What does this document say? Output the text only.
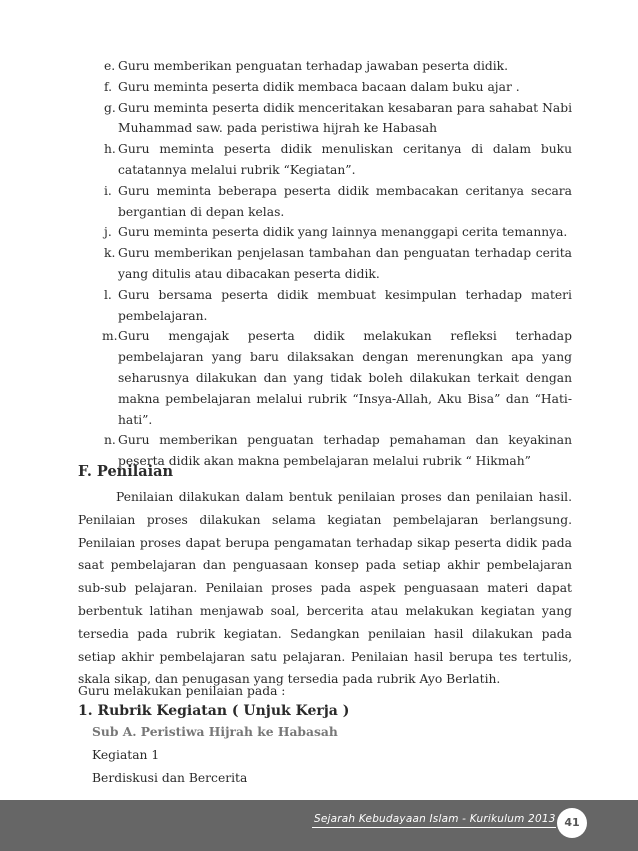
e. Guru memberikan penguatan terhadap jawaban peserta didik.
f. Guru meminta peserta didik membaca bacaan dalam buku ajar .
g. Guru meminta peserta didik menceritakan kesabaran para sahabat Nabi Muhammad saw. pada peristiwa hijrah ke Habasah
h. Guru meminta peserta didik menuliskan ceritanya di dalam buku catatannya melalui rubrik “Kegiatan”.
i. Guru meminta beberapa peserta didik membacakan ceritanya secara bergantian di depan kelas.
j. Guru meminta peserta didik yang lainnya menanggapi cerita temannya.
k. Guru memberikan penjelasan tambahan dan penguatan terhadap cerita yang ditulis atau dibacakan peserta didik.
l. Guru bersama peserta didik membuat kesimpulan terhadap materi pembelajaran.
m. Guru mengajak peserta didik melakukan refleksi terhadap pembelajaran yang baru dilaksakan dengan merenungkan apa yang seharusnya dilakukan dan yang tidak boleh dilakukan terkait dengan makna pembelajaran melalui rubrik “Insya-Allah, Aku Bisa” dan “Hati-hati”.
n. Guru memberikan penguatan terhadap pemahaman dan keyakinan peserta didik akan makna pembelajaran melalui rubrik “ Hikmah”
F. Penilaian

Penilaian dilakukan dalam bentuk penilaian proses dan penilaian hasil. Penilaian proses dilakukan selama kegiatan pembelajaran berlangsung. Penilaian proses dapat berupa pengamatan terhadap sikap peserta didik pada saat pembelajaran dan penguasaan konsep pada setiap akhir pembelajaran sub-sub pelajaran. Penilaian proses pada aspek penguasaan materi dapat berbentuk latihan menjawab soal, bercerita atau melakukan kegiatan yang tersedia pada rubrik kegiatan. Sedangkan penilaian hasil dilakukan pada setiap akhir pembelajaran satu pelajaran. Penilaian hasil berupa tes tertulis, skala sikap, dan penugasan yang tersedia pada rubrik Ayo Berlatih.

Guru melakukan penilaian pada :

1. Rubrik Kegiatan ( Unjuk Kerja )

Sub A. Peristiwa Hijrah ke Habasah

Kegiatan 1

Berdiskusi dan Bercerita

Sejarah Kebudayaan Islam - Kurikulum 2013 41
